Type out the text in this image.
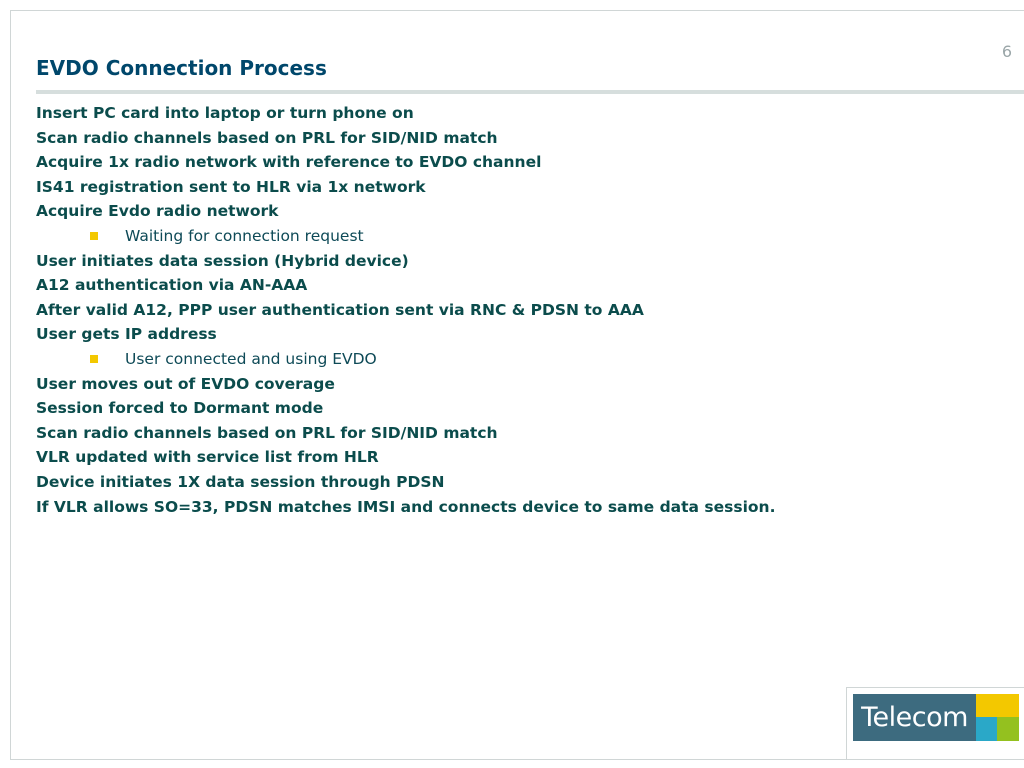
6
EVDO Connection Process
Insert PC card into laptop or turn phone on
Scan radio channels based on PRL for SID/NID match
Acquire 1x radio network with reference to EVDO channel
IS41 registration sent to HLR via 1x network
Acquire Evdo radio network
Waiting for connection request
User initiates data session (Hybrid device)
A12 authentication via AN-AAA
After valid A12, PPP user authentication sent via RNC & PDSN to AAA
User gets IP address
User connected and using EVDO
User moves out of EVDO coverage
Session forced to Dormant mode
Scan radio channels based on PRL for SID/NID match
VLR updated with service list from HLR
Device initiates 1X data session through PDSN
If VLR allows SO=33, PDSN matches IMSI and connects device to same data session.
Telecom
